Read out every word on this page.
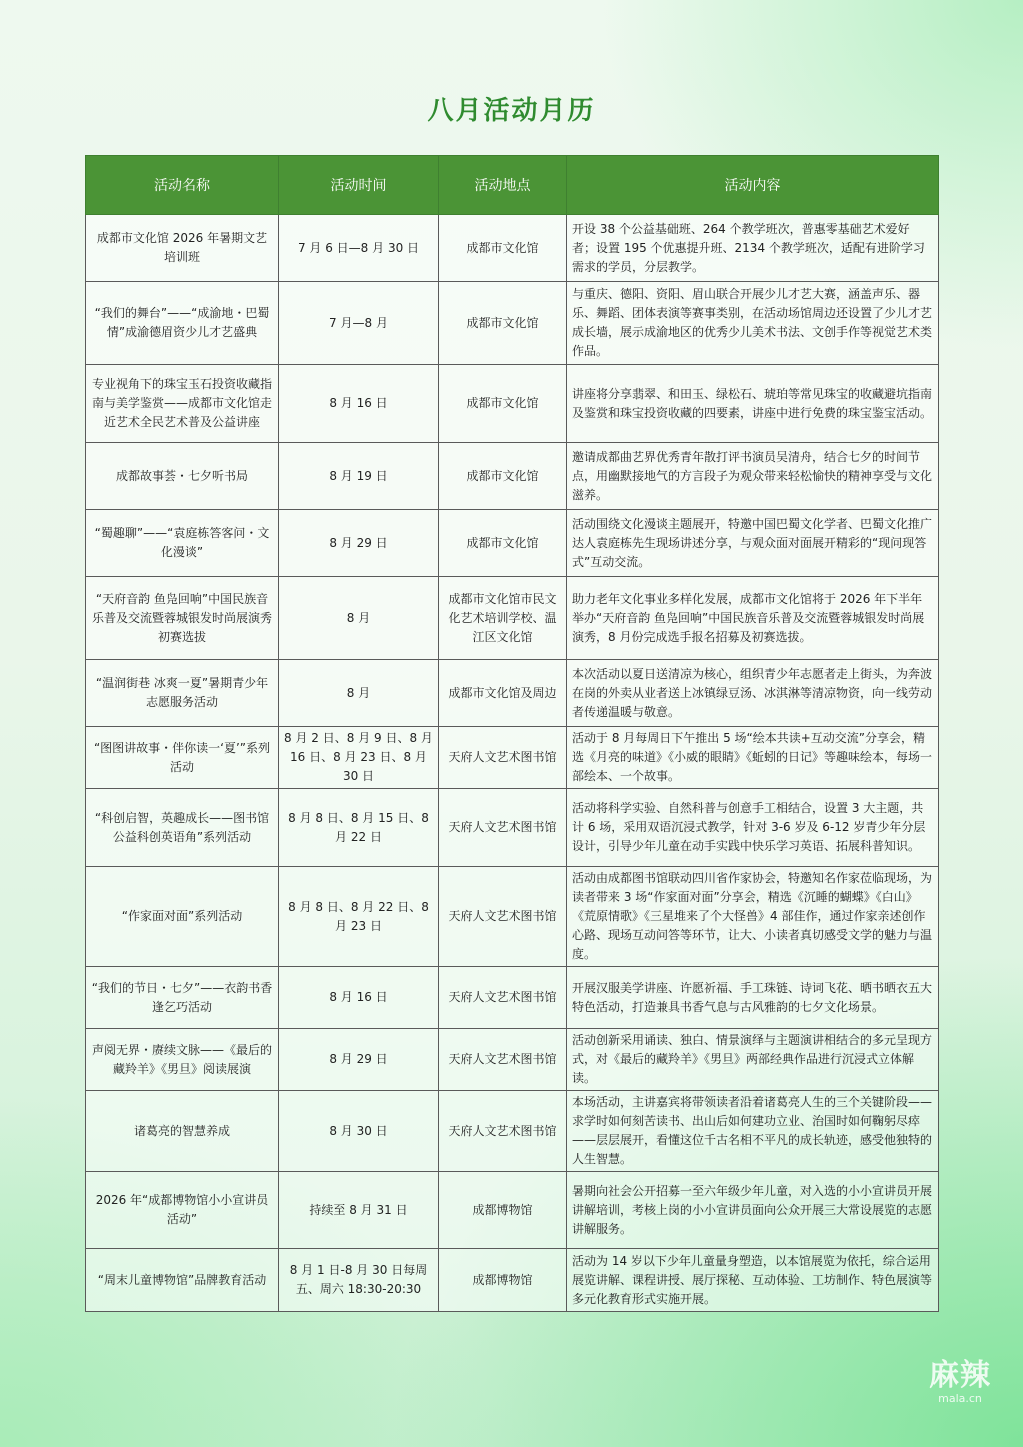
八月活动月历
活动名称	活动时间	活动地点	活动内容
成都市文化馆 2026 年暑期文艺培训班	7 月 6 日—8 月 30 日	成都市文化馆	开设 38 个公益基础班、264 个教学班次，普惠零基础艺术爱好者；设置 195 个优惠提升班、2134 个教学班次，适配有进阶学习需求的学员，分层教学。
“我们的舞台”——“成渝地・巴蜀情”成渝德眉资少儿才艺盛典	7 月—8 月	成都市文化馆	与重庆、德阳、资阳、眉山联合开展少儿才艺大赛，涵盖声乐、器乐、舞蹈、团体表演等赛事类别，在活动场馆周边还设置了少儿才艺成长墙，展示成渝地区的优秀少儿美术书法、文创手作等视觉艺术类作品。
专业视角下的珠宝玉石投资收藏指南与美学鉴赏——成都市文化馆走近艺术全民艺术普及公益讲座	8 月 16 日	成都市文化馆	讲座将分享翡翠、和田玉、绿松石、琥珀等常见珠宝的收藏避坑指南及鉴赏和珠宝投资收藏的四要素，讲座中进行免费的珠宝鉴宝活动。
成都故事荟・七夕听书局	8 月 19 日	成都市文化馆	邀请成都曲艺界优秀青年散打评书演员吴清舟，结合七夕的时间节点，用幽默接地气的方言段子为观众带来轻松愉快的精神享受与文化滋养。
“蜀趣聊”——“袁庭栋答客问・文化漫谈”	8 月 29 日	成都市文化馆	活动围绕文化漫谈主题展开，特邀中国巴蜀文化学者、巴蜀文化推广达人袁庭栋先生现场讲述分享，与观众面对面展开精彩的“现问现答式”互动交流。
“天府音韵 鱼凫回响”中国民族音乐普及交流暨蓉城银发时尚展演秀初赛选拔	8 月	成都市文化馆市民文化艺术培训学校、温江区文化馆	助力老年文化事业多样化发展，成都市文化馆将于 2026 年下半年举办“天府音韵 鱼凫回响”中国民族音乐普及交流暨蓉城银发时尚展演秀，8 月份完成选手报名招募及初赛选拔。
“温润街巷 冰爽一夏”暑期青少年志愿服务活动	8 月	成都市文化馆及周边	本次活动以夏日送清凉为核心，组织青少年志愿者走上街头，为奔波在岗的外卖从业者送上冰镇绿豆汤、冰淇淋等清凉物资，向一线劳动者传递温暖与敬意。
“图图讲故事・伴你读一‘夏’”系列活动	8 月 2 日、8 月 9 日、8 月 16 日、8 月 23 日、8 月 30 日	天府人文艺术图书馆	活动于 8 月每周日下午推出 5 场“绘本共读+互动交流”分享会，精选《月亮的味道》《小威的眼睛》《蚯蚓的日记》等趣味绘本，每场一部绘本、一个故事。
“科创启智，英趣成长——图书馆公益科创英语角”系列活动	8 月 8 日、8 月 15 日、8 月 22 日	天府人文艺术图书馆	活动将科学实验、自然科普与创意手工相结合，设置 3 大主题，共计 6 场，采用双语沉浸式教学，针对 3-6 岁及 6-12 岁青少年分层设计，引导少年儿童在动手实践中快乐学习英语、拓展科普知识。
“作家面对面”系列活动	8 月 8 日、8 月 22 日、8 月 23 日	天府人文艺术图书馆	活动由成都图书馆联动四川省作家协会，特邀知名作家莅临现场，为读者带来 3 场“作家面对面”分享会，精选《沉睡的蝴蝶》《白山》《荒原情歌》《三星堆来了个大怪兽》4 部佳作，通过作家亲述创作心路、现场互动问答等环节，让大、小读者真切感受文学的魅力与温度。
“我们的节日・七夕”——衣韵书香逢乞巧活动	8 月 16 日	天府人文艺术图书馆	开展汉服美学讲座、许愿祈福、手工珠链、诗词飞花、晒书晒衣五大特色活动，打造兼具书香气息与古风雅韵的七夕文化场景。
声阅无界・赓续文脉——《最后的藏羚羊》《男旦》阅读展演	8 月 29 日	天府人文艺术图书馆	活动创新采用诵读、独白、情景演绎与主题演讲相结合的多元呈现方式，对《最后的藏羚羊》《男旦》两部经典作品进行沉浸式立体解读。
诸葛亮的智慧养成	8 月 30 日	天府人文艺术图书馆	本场活动，主讲嘉宾将带领读者沿着诸葛亮人生的三个关键阶段——求学时如何刻苦读书、出山后如何建功立业、治国时如何鞠躬尽瘁——层层展开，看懂这位千古名相不平凡的成长轨迹，感受他独特的人生智慧。
2026 年“成都博物馆小小宣讲员活动”	持续至 8 月 31 日	成都博物馆	暑期向社会公开招募一至六年级少年儿童，对入选的小小宣讲员开展讲解培训，考核上岗的小小宣讲员面向公众开展三大常设展览的志愿讲解服务。
“周末儿童博物馆”品牌教育活动	8 月 1 日-8 月 30 日每周五、周六 18:30-20:30	成都博物馆	活动为 14 岁以下少年儿童量身塑造，以本馆展览为依托，综合运用展览讲解、课程讲授、展厅探秘、互动体验、工坊制作、特色展演等多元化教育形式实施开展。
麻辣
mala.cn
